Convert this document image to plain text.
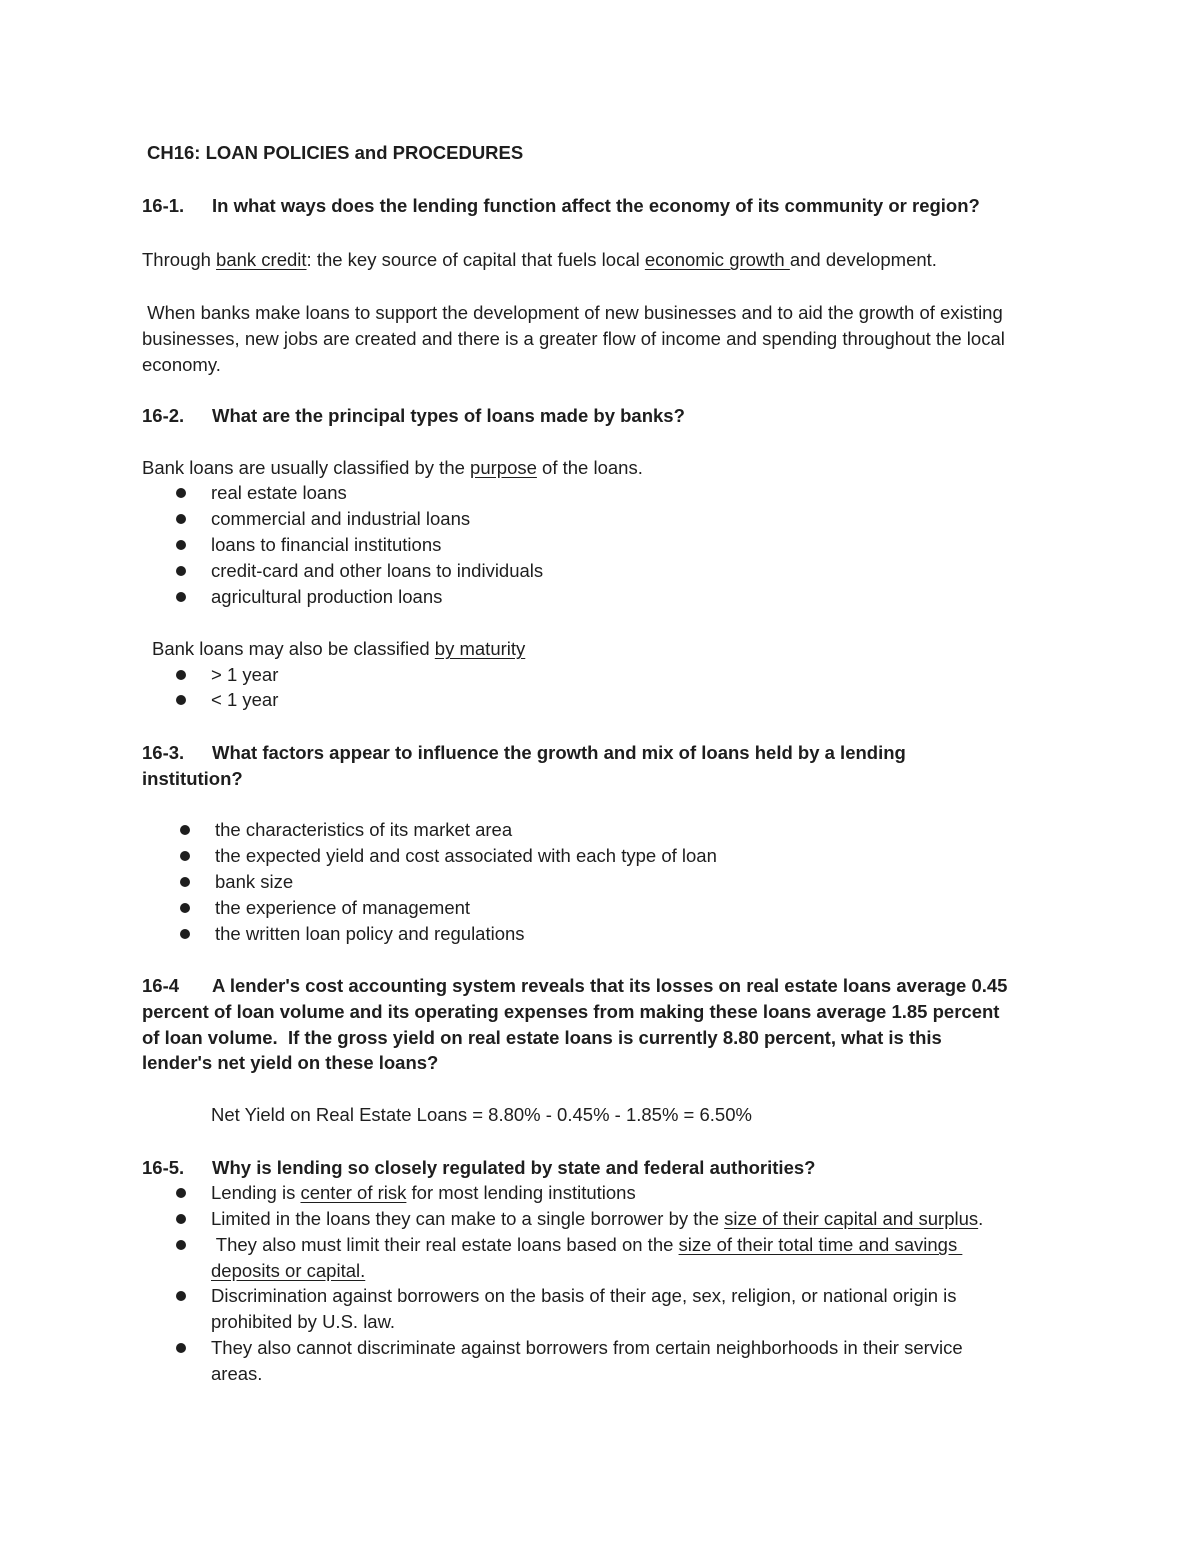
CH16: LOAN POLICIES and PROCEDURES
16-1. In what ways does the lending function affect the economy of its community or region?
Through bank credit: the key source of capital that fuels local economic growth and development.
When banks make loans to support the development of new businesses and to aid the growth of existing
businesses, new jobs are created and there is a greater flow of income and spending throughout the local
economy.
16-2. What are the principal types of loans made by banks?
Bank loans are usually classified by the purpose of the loans.
real estate loans
commercial and industrial loans
loans to financial institutions
credit-card and other loans to individuals
agricultural production loans
Bank loans may also be classified by maturity
> 1 year
< 1 year
16-3. What factors appear to influence the growth and mix of loans held by a lending
institution?
the characteristics of its market area
the expected yield and cost associated with each type of loan
bank size
the experience of management
the written loan policy and regulations
16-4 A lender's cost accounting system reveals that its losses on real estate loans average 0.45
percent of loan volume and its operating expenses from making these loans average 1.85 percent
of loan volume.  If the gross yield on real estate loans is currently 8.80 percent, what is this
lender's net yield on these loans?
Net Yield on Real Estate Loans = 8.80% - 0.45% - 1.85% = 6.50%
16-5. Why is lending so closely regulated by state and federal authorities?
Lending is center of risk for most lending institutions
Limited in the loans they can make to a single borrower by the size of their capital and surplus.
They also must limit their real estate loans based on the size of their total time and savings
deposits or capital.
Discrimination against borrowers on the basis of their age, sex, religion, or national origin is
prohibited by U.S. law.
They also cannot discriminate against borrowers from certain neighborhoods in their service
areas.
